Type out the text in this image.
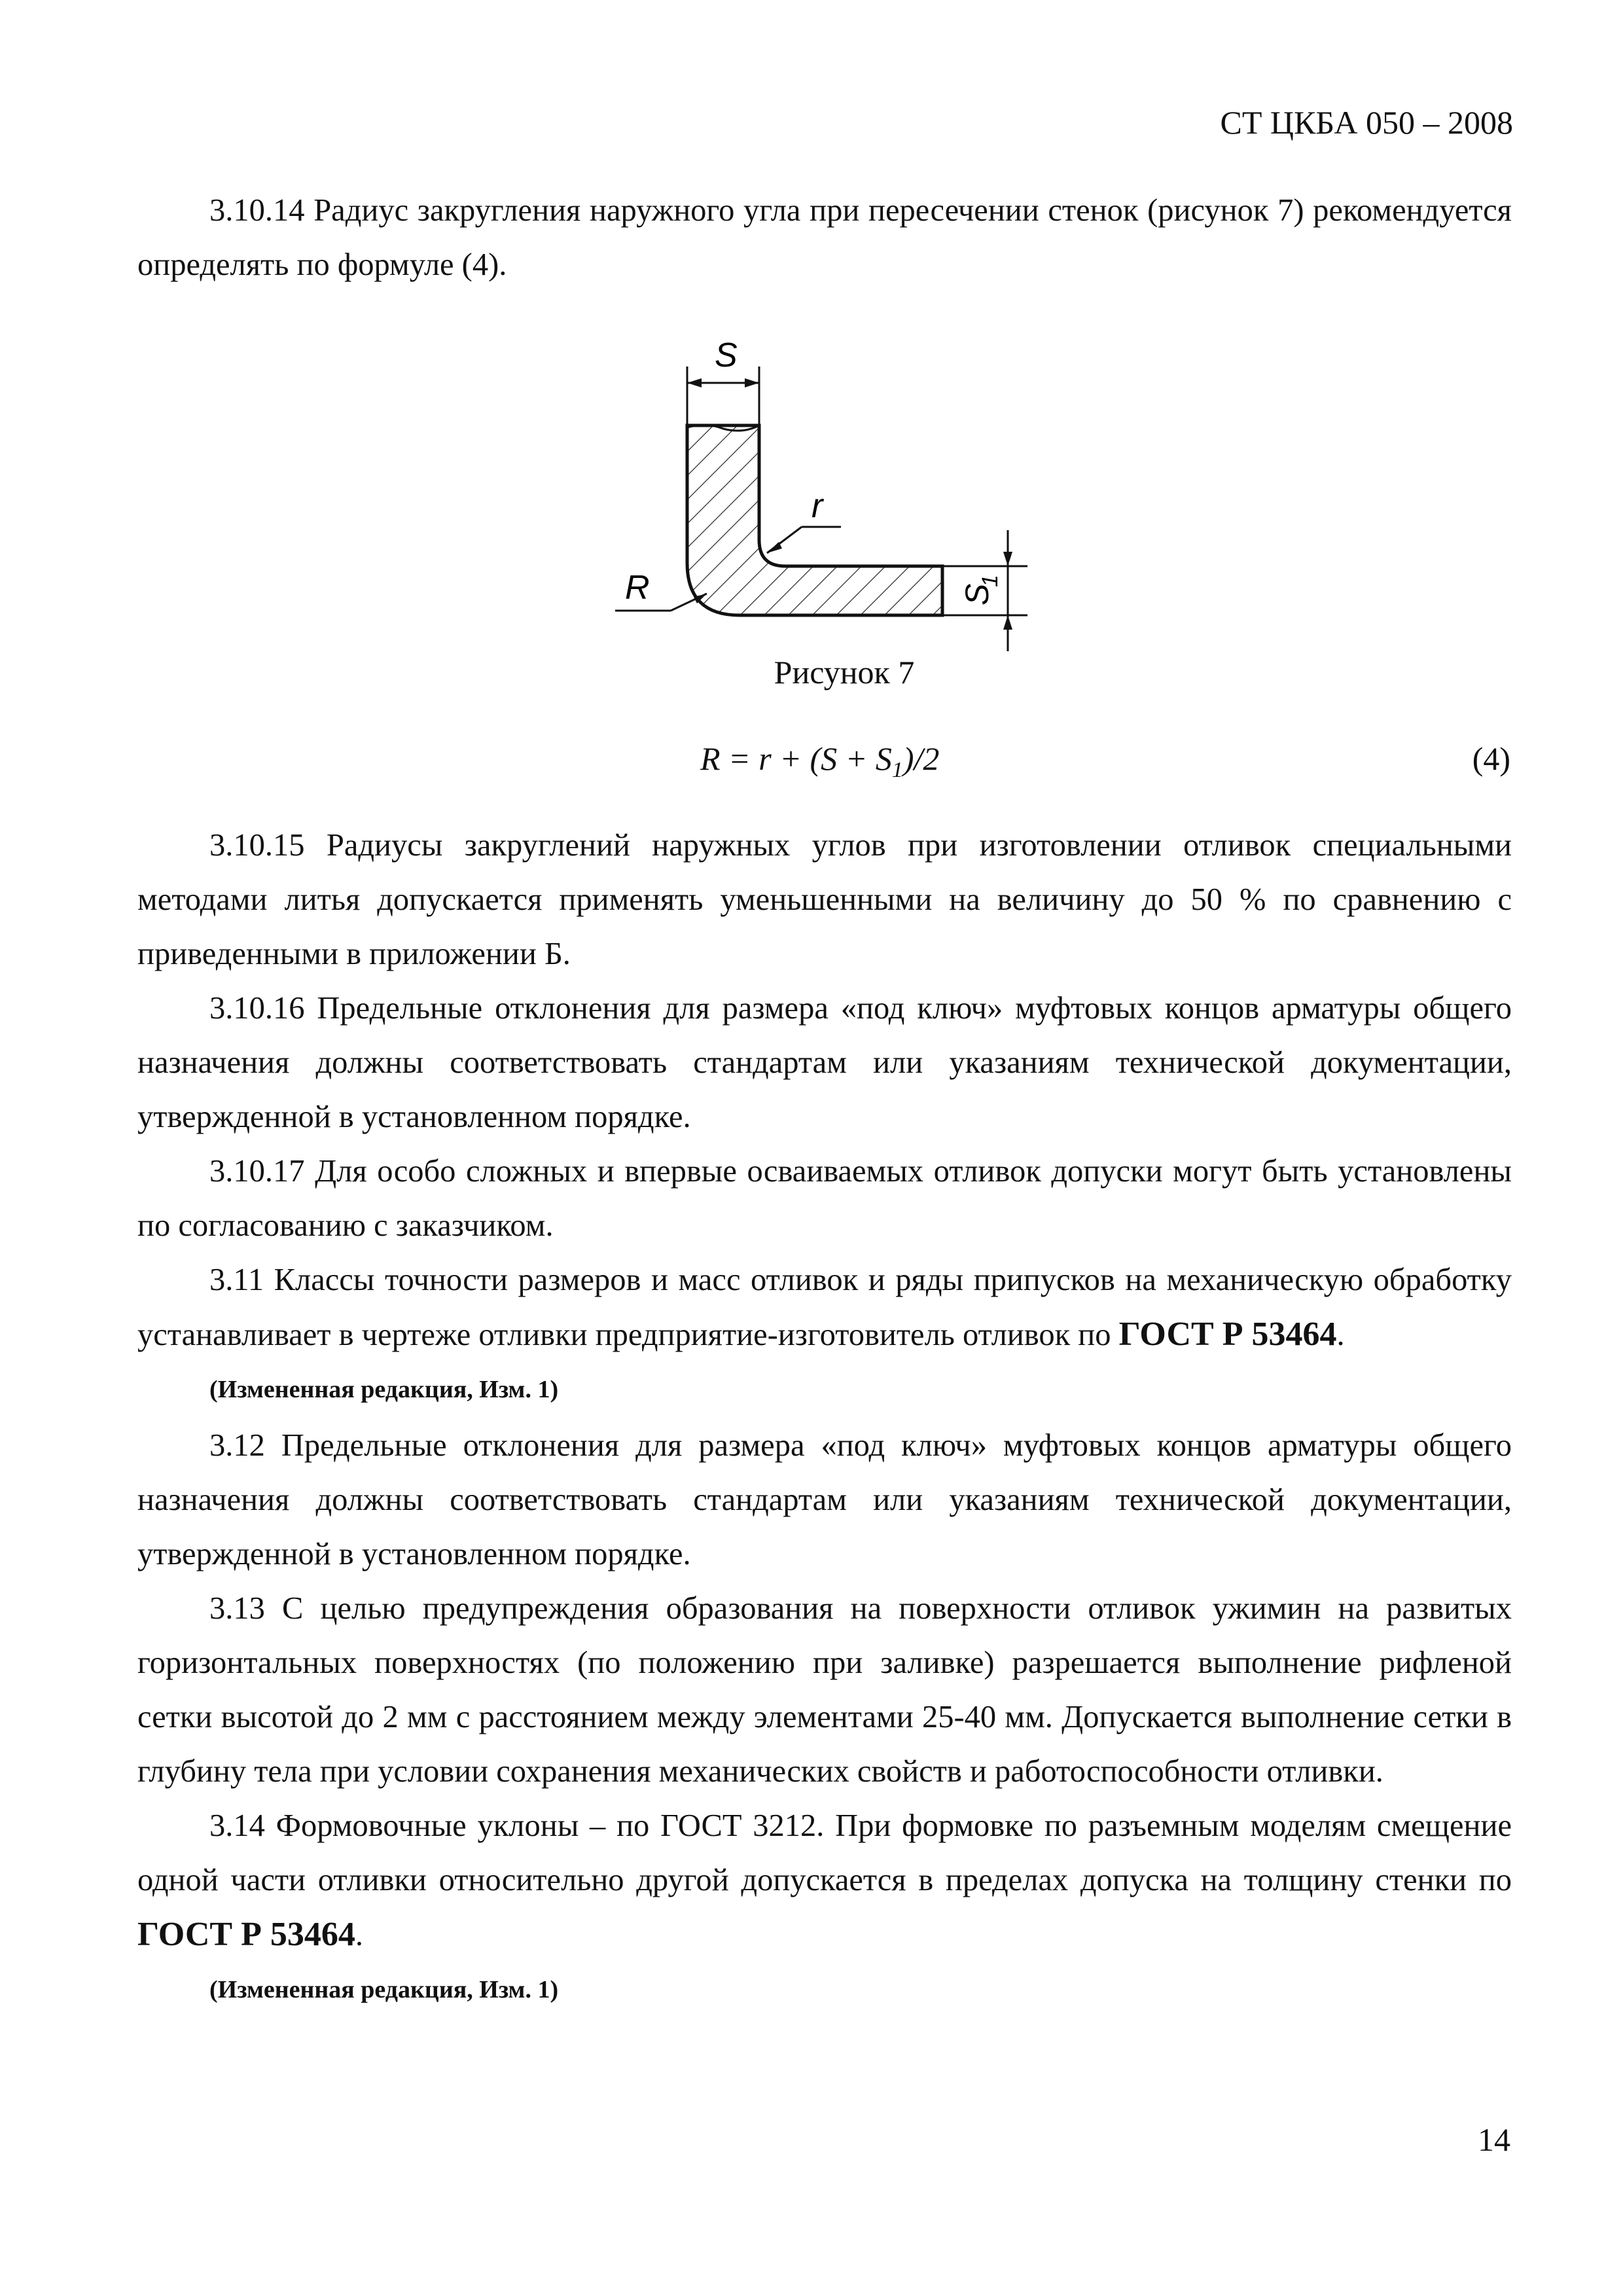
СТ ЦКБА 050 – 2008

3.10.14 Радиус закругления наружного угла при пересечении стенок (рисунок 7) рекомендуется определять по формуле (4).

S
S
1
r
R
Рисунок 7
$R = r + (S + S_1)/2$	(4)

3.10.15 Радиусы закруглений наружных углов при изготовлении отливок специальными методами литья допускается применять уменьшенными на величину до 50 % по сравнению с приведенными в приложении Б.

3.10.16 Предельные отклонения для размера «под ключ» муфтовых концов арматуры общего назначения должны соответствовать стандартам или указаниям технической документации, утвержденной в установленном порядке.

3.10.17 Для особо сложных и впервые осваиваемых отливок допуски могут быть установлены по согласованию с заказчиком.

3.11 Классы точности размеров и масс отливок и ряды припусков на механическую обработку устанавливает в чертеже отливки предприятие-изготовитель отливок по ГОСТ Р 53464.

(Измененная редакция, Изм. 1)

3.12 Предельные отклонения для размера «под ключ» муфтовых концов арматуры общего назначения должны соответствовать стандартам или указаниям технической документации, утвержденной в установленном порядке.

3.13 С целью предупреждения образования на поверхности отливок ужимин на развитых горизонтальных поверхностях (по положению при заливке) разрешается выполнение рифленой сетки высотой до 2 мм с расстоянием между элементами 25-40 мм. Допускается выполнение сетки в глубину тела при условии сохранения механических свойств и работоспособности отливки.

3.14 Формовочные уклоны – по ГОСТ 3212. При формовке по разъемным моделям смещение одной части отливки относительно другой допускается в пределах допуска на толщину стенки по ГОСТ Р 53464.

(Измененная редакция, Изм. 1)

14
